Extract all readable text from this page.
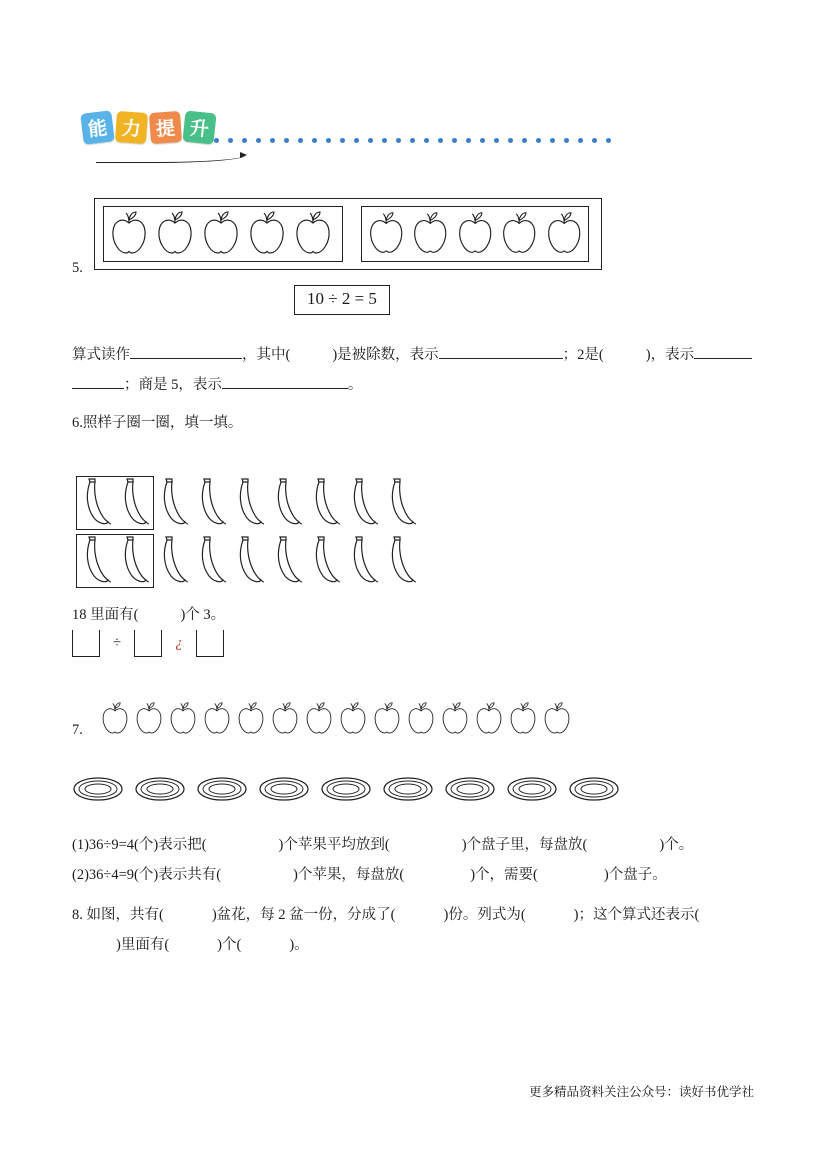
能 力 提 升
5.
10 ÷ 2 = 5
算式读作	，其中(	)是被除数，表示	；2是(	)，表示
；商是 5，表示	。
6.照样子圈一圈，填一填。
18 里面有(	)个 3。
÷	¿
7.
(1)36÷9=4(个)表示把(	)个苹果平均放到(	)个盘子里，每盘放(	)个。
(2)36÷4=9(个)表示共有(	)个苹果，每盘放(	)个，需要(	)个盘子。
8. 如图，共有(	)盆花，每 2 盆一份，分成了(	)份。列式为(	)；这个算式还表示(
)里面有(	)个(	)。
更多精品资料关注公众号：读好书优学社
